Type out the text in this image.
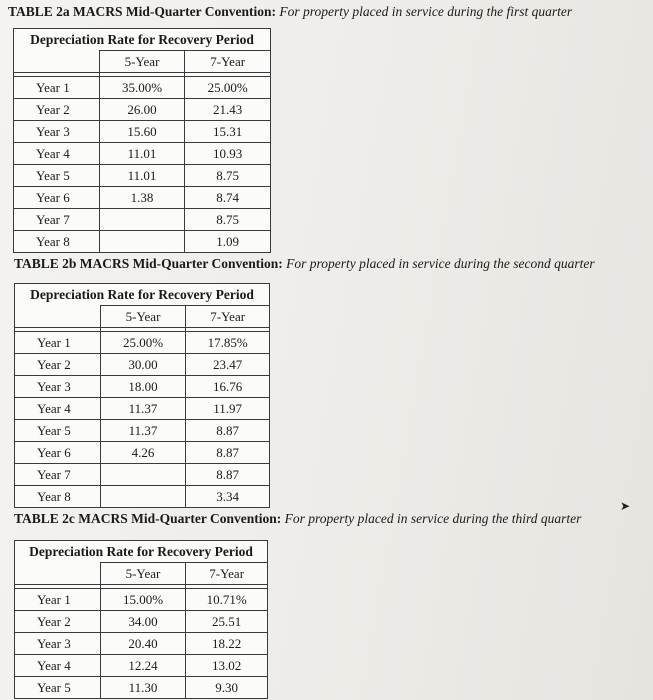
TABLE 2a MACRS Mid-Quarter Convention: For property placed in service during the first quarter
Depreciation Rate for Recovery Period		
	5-Year	7-Year

Year 1	35.00%	25.00%
Year 2	26.00	21.43
Year 3	15.60	15.31
Year 4	11.01	10.93
Year 5	11.01	8.75
Year 6	1.38	8.74
Year 7		8.75
Year 8		1.09
TABLE 2b MACRS Mid-Quarter Convention: For property placed in service during the second quarter
Depreciation Rate for Recovery Period		
	5-Year	7-Year

Year 1	25.00%	17.85%
Year 2	30.00	23.47
Year 3	18.00	16.76
Year 4	11.37	11.97
Year 5	11.37	8.87
Year 6	4.26	8.87
Year 7		8.87
Year 8		3.34
➤
TABLE 2c MACRS Mid-Quarter Convention: For property placed in service during the third quarter
Depreciation Rate for Recovery Period		
	5-Year	7-Year

Year 1	15.00%	10.71%
Year 2	34.00	25.51
Year 3	20.40	18.22
Year 4	12.24	13.02
Year 5	11.30	9.30
